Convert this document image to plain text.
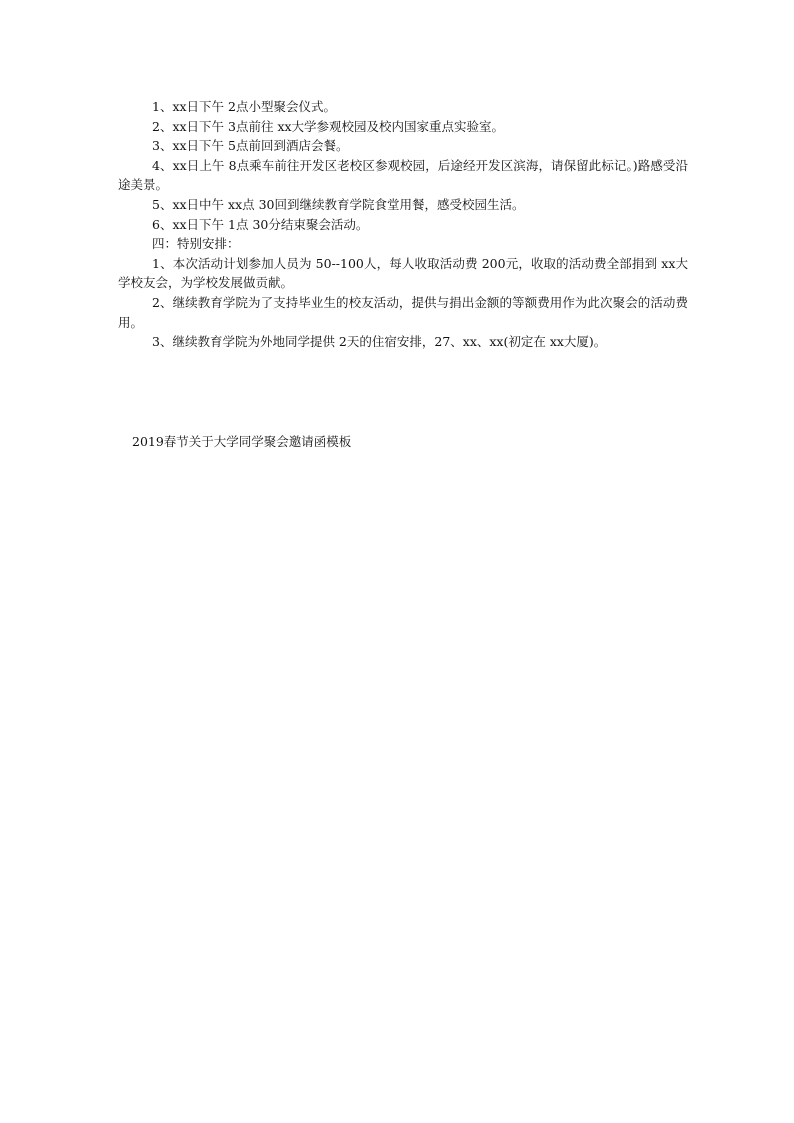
1、xx日下午 2点小型聚会仪式。

2、xx日下午 3点前往 xx大学参观校园及校内国家重点实验室。

3、xx日下午 5点前回到酒店会餐。

4、xx日上午 8点乘车前往开发区老校区参观校园，后途经开发区滨海，请保留此标记。)路感受沿途美景。

5、xx日中午 xx点 30回到继续教育学院食堂用餐，感受校园生活。

6、xx日下午 1点 30分结束聚会活动。

四：特别安排：

1、本次活动计划参加人员为 50--100人，每人收取活动费 200元，收取的活动费全部捐到 xx大学校友会，为学校发展做贡献。

2、继续教育学院为了支持毕业生的校友活动，提供与捐出金额的等额费用作为此次聚会的活动费用。

3、继续教育学院为外地同学提供 2天的住宿安排，27、xx、xx(初定在 xx大厦)。

2019春节关于大学同学聚会邀请函模板
